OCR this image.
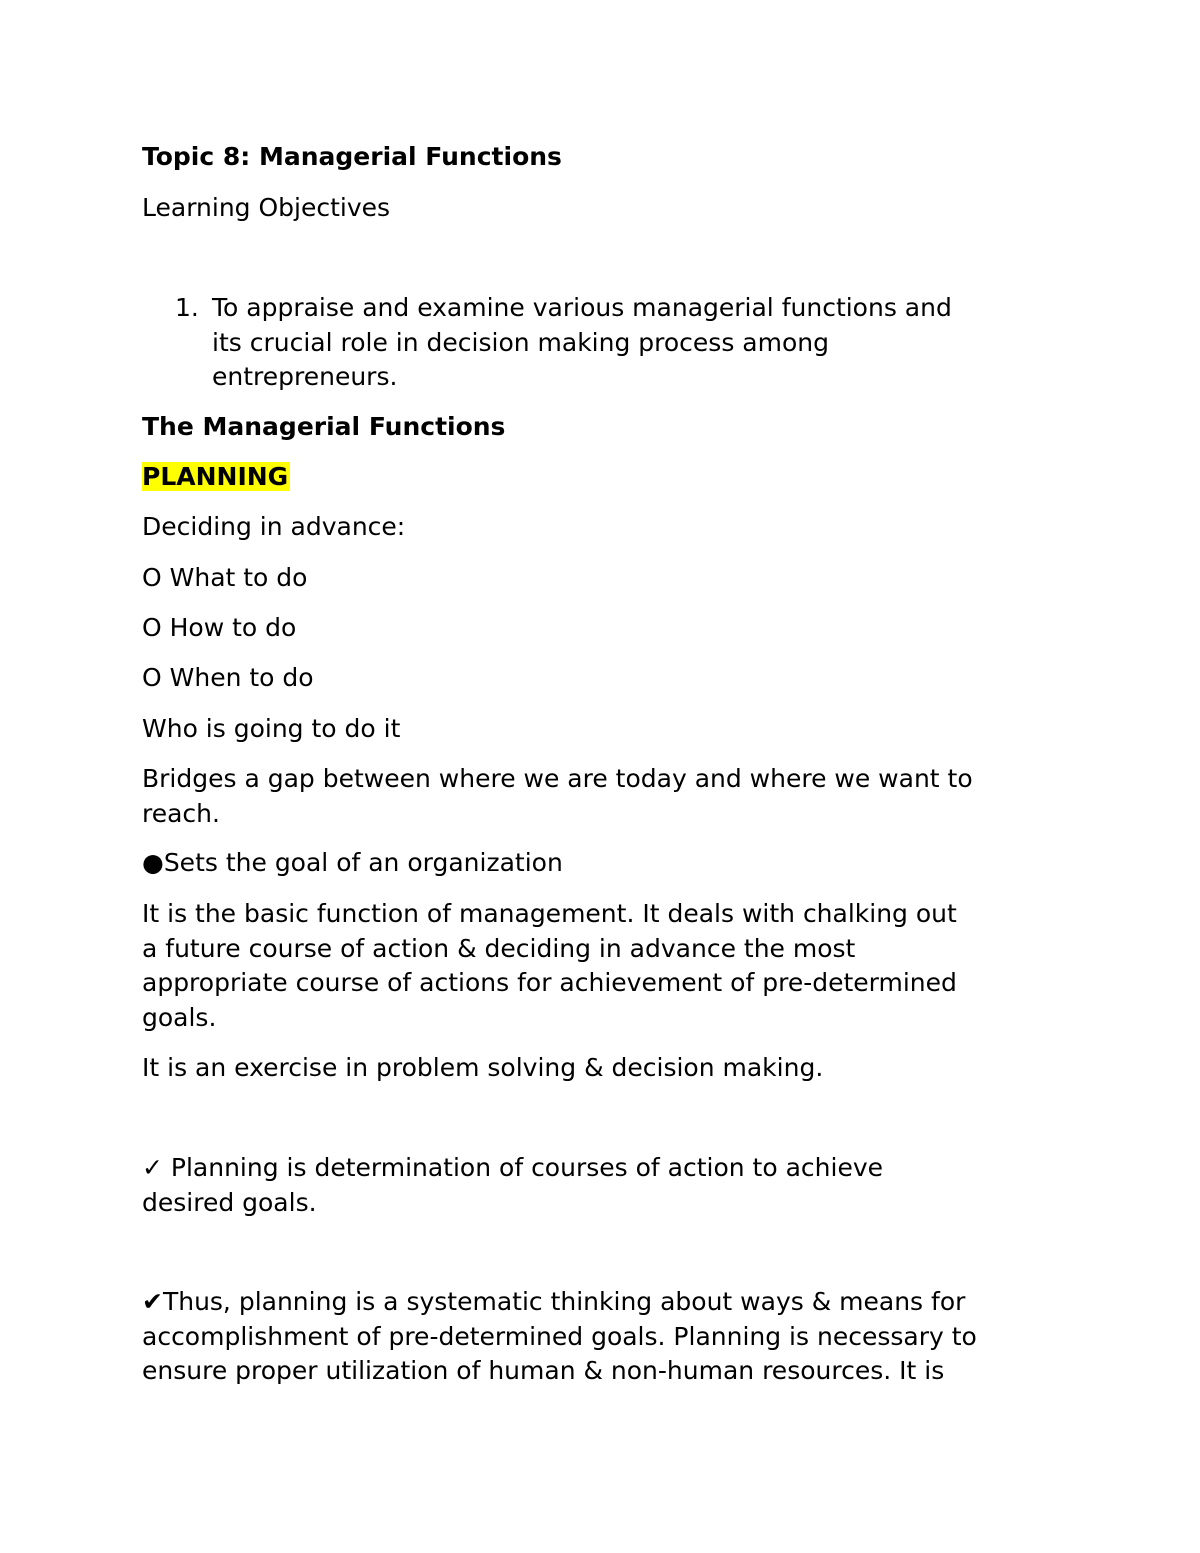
Topic 8: Managerial Functions

Learning Objectives

1. To appraise and examine various managerial functions and
its crucial role in decision making process among
entrepreneurs.

The Managerial Functions

PLANNING

Deciding in advance:

O What to do

O How to do

O When to do

Who is going to do it

Bridges a gap between where we are today and where we want to
reach.

●Sets the goal of an organization

It is the basic function of management. It deals with chalking out
a future course of action & deciding in advance the most
appropriate course of actions for achievement of pre-determined
goals.

It is an exercise in problem solving & decision making.

✓ Planning is determination of courses of action to achieve
desired goals.
✔Thus, planning is a systematic thinking about ways & means for
accomplishment of pre-determined goals. Planning is necessary to
ensure proper utilization of human & non-human resources. It is
